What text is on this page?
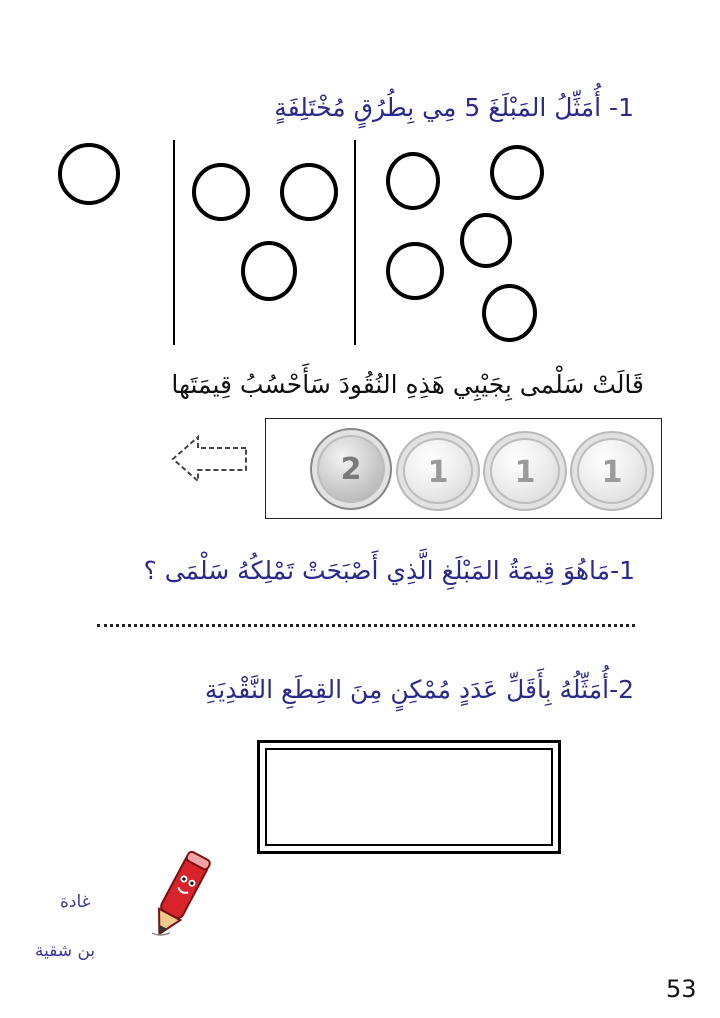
1- أُمَثِّلُ المَبْلَغَ 5 مِي بِطُرُقٍ مُخْتَلِفَةٍ
قَالَتْ سَلْمى بِجَيْبِي هَذِهِ النُقُودَ سَأَحْسُبُ قِيمَتَها
2	1	1	1
1-مَاهُوَ قِيمَةُ المَبْلَغِ الَّذِي أَصْبَحَتْ تَمْلِكُهُ سَلْمَى ؟
2-أُمَثِّلُهُ بِأَقَلِّ عَدَدٍ مُمْكِنٍ مِنَ القِطَعِ النَّقْدِيَةِ
غادة
بن شقية
53
